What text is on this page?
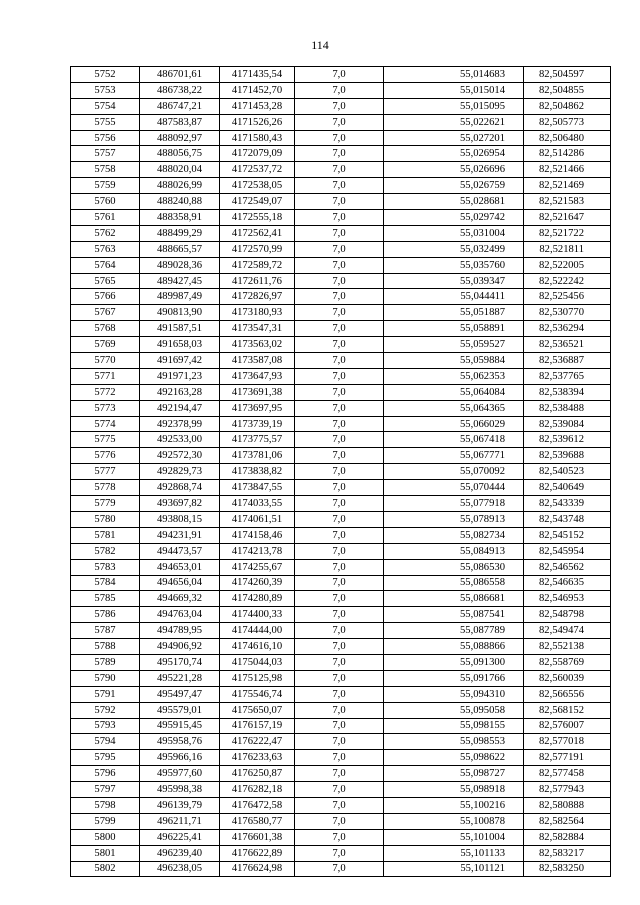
114
5752	486701,61	4171435,54	7,0	55,014683	82,504597
5753	486738,22	4171452,70	7,0	55,015014	82,504855
5754	486747,21	4171453,28	7,0	55,015095	82,504862
5755	487583,87	4171526,26	7,0	55,022621	82,505773
5756	488092,97	4171580,43	7,0	55,027201	82,506480
5757	488056,75	4172079,09	7,0	55,026954	82,514286
5758	488020,04	4172537,72	7,0	55,026696	82,521466
5759	488026,99	4172538,05	7,0	55,026759	82,521469
5760	488240,88	4172549,07	7,0	55,028681	82,521583
5761	488358,91	4172555,18	7,0	55,029742	82,521647
5762	488499,29	4172562,41	7,0	55,031004	82,521722
5763	488665,57	4172570,99	7,0	55,032499	82,521811
5764	489028,36	4172589,72	7,0	55,035760	82,522005
5765	489427,45	4172611,76	7,0	55,039347	82,522242
5766	489987,49	4172826,97	7,0	55,044411	82,525456
5767	490813,90	4173180,93	7,0	55,051887	82,530770
5768	491587,51	4173547,31	7,0	55,058891	82,536294
5769	491658,03	4173563,02	7,0	55,059527	82,536521
5770	491697,42	4173587,08	7,0	55,059884	82,536887
5771	491971,23	4173647,93	7,0	55,062353	82,537765
5772	492163,28	4173691,38	7,0	55,064084	82,538394
5773	492194,47	4173697,95	7,0	55,064365	82,538488
5774	492378,99	4173739,19	7,0	55,066029	82,539084
5775	492533,00	4173775,57	7,0	55,067418	82,539612
5776	492572,30	4173781,06	7,0	55,067771	82,539688
5777	492829,73	4173838,82	7,0	55,070092	82,540523
5778	492868,74	4173847,55	7,0	55,070444	82,540649
5779	493697,82	4174033,55	7,0	55,077918	82,543339
5780	493808,15	4174061,51	7,0	55,078913	82,543748
5781	494231,91	4174158,46	7,0	55,082734	82,545152
5782	494473,57	4174213,78	7,0	55,084913	82,545954
5783	494653,01	4174255,67	7,0	55,086530	82,546562
5784	494656,04	4174260,39	7,0	55,086558	82,546635
5785	494669,32	4174280,89	7,0	55,086681	82,546953
5786	494763,04	4174400,33	7,0	55,087541	82,548798
5787	494789,95	4174444,00	7,0	55,087789	82,549474
5788	494906,92	4174616,10	7,0	55,088866	82,552138
5789	495170,74	4175044,03	7,0	55,091300	82,558769
5790	495221,28	4175125,98	7,0	55,091766	82,560039
5791	495497,47	4175546,74	7,0	55,094310	82,566556
5792	495579,01	4175650,07	7,0	55,095058	82,568152
5793	495915,45	4176157,19	7,0	55,098155	82,576007
5794	495958,76	4176222,47	7,0	55,098553	82,577018
5795	495966,16	4176233,63	7,0	55,098622	82,577191
5796	495977,60	4176250,87	7,0	55,098727	82,577458
5797	495998,38	4176282,18	7,0	55,098918	82,577943
5798	496139,79	4176472,58	7,0	55,100216	82,580888
5799	496211,71	4176580,77	7,0	55,100878	82,582564
5800	496225,41	4176601,38	7,0	55,101004	82,582884
5801	496239,40	4176622,89	7,0	55,101133	82,583217
5802	496238,05	4176624,98	7,0	55,101121	82,583250
